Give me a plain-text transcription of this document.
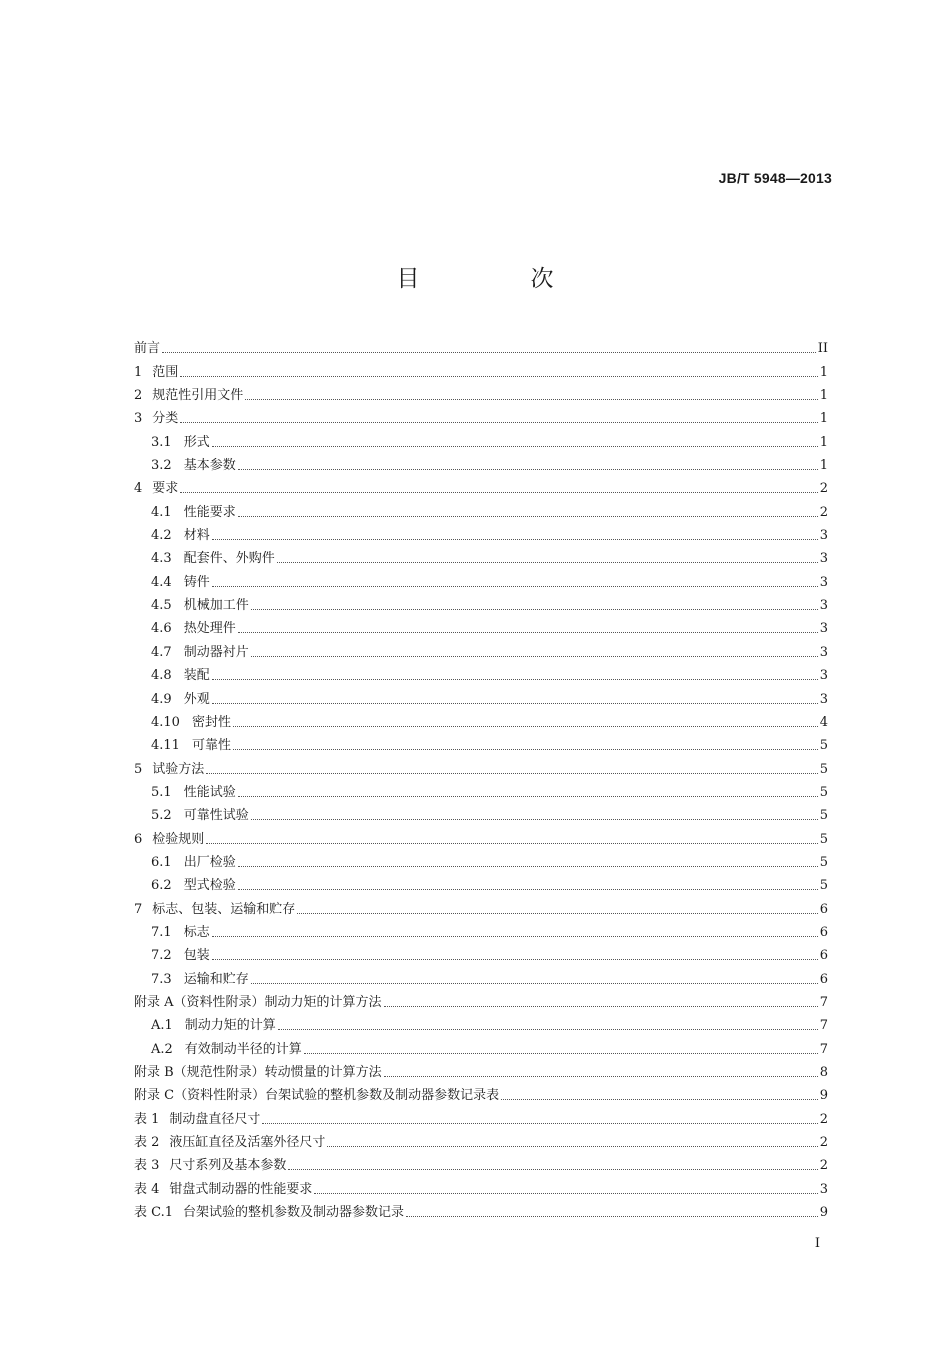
JB/T 5948—2013
目　次
前言	II
1 范围	1
2 规范性引用文件	1
3 分类	1
3.1 形式	1
3.2 基本参数	1
4 要求	2
4.1 性能要求	2
4.2 材料	3
4.3 配套件、外购件	3
4.4 铸件	3
4.5 机械加工件	3
4.6 热处理件	3
4.7 制动器衬片	3
4.8 装配	3
4.9 外观	3
4.10 密封性	4
4.11 可靠性	5
5 试验方法	5
5.1 性能试验	5
5.2 可靠性试验	5
6 检验规则	5
6.1 出厂检验	5
6.2 型式检验	5
7 标志、包装、运输和贮存	6
7.1 标志	6
7.2 包装	6
7.3 运输和贮存	6
附录 A（资料性附录）制动力矩的计算方法	7
A.1 制动力矩的计算	7
A.2 有效制动半径的计算	7
附录 B（规范性附录）转动惯量的计算方法	8
附录 C（资料性附录）台架试验的整机参数及制动器参数记录表	9
表 1 制动盘直径尺寸	2
表 2 液压缸直径及活塞外径尺寸	2
表 3 尺寸系列及基本参数	2
表 4 钳盘式制动器的性能要求	3
表 C.1 台架试验的整机参数及制动器参数记录	9
I
